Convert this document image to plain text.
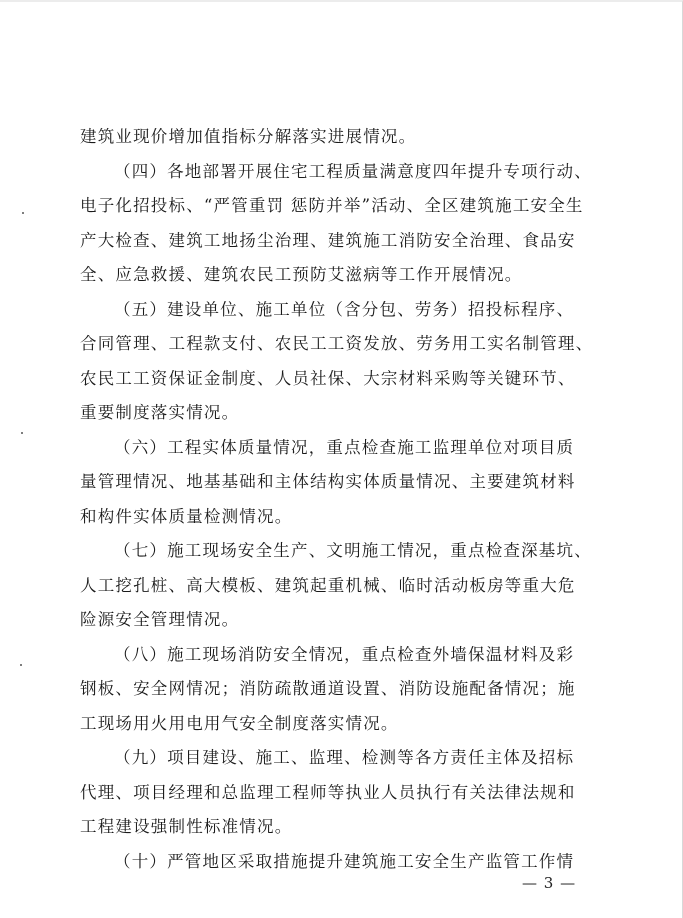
建筑业现价增加值指标分解落实进展情况。
（四）各地部署开展住宅工程质量满意度四年提升专项行动、
电子化招投标、“严管重罚 惩防并举”活动、全区建筑施工安全生
产大检查、建筑工地扬尘治理、建筑施工消防安全治理、食品安
全、应急救援、建筑农民工预防艾滋病等工作开展情况。
（五）建设单位、施工单位（含分包、劳务）招投标程序、
合同管理、工程款支付、农民工工资发放、劳务用工实名制管理、
农民工工资保证金制度、人员社保、大宗材料采购等关键环节、
重要制度落实情况。
（六）工程实体质量情况，重点检查施工监理单位对项目质
量管理情况、地基基础和主体结构实体质量情况、主要建筑材料
和构件实体质量检测情况。
（七）施工现场安全生产、文明施工情况，重点检查深基坑、
人工挖孔桩、高大模板、建筑起重机械、临时活动板房等重大危
险源安全管理情况。
（八）施工现场消防安全情况，重点检查外墙保温材料及彩
钢板、安全网情况；消防疏散通道设置、消防设施配备情况；施
工现场用火用电用气安全制度落实情况。
（九）项目建设、施工、监理、检测等各方责任主体及招标
代理、项目经理和总监理工程师等执业人员执行有关法律法规和
工程建设强制性标准情况。
（十）严管地区采取措施提升建筑施工安全生产监管工作情
— 3 —
